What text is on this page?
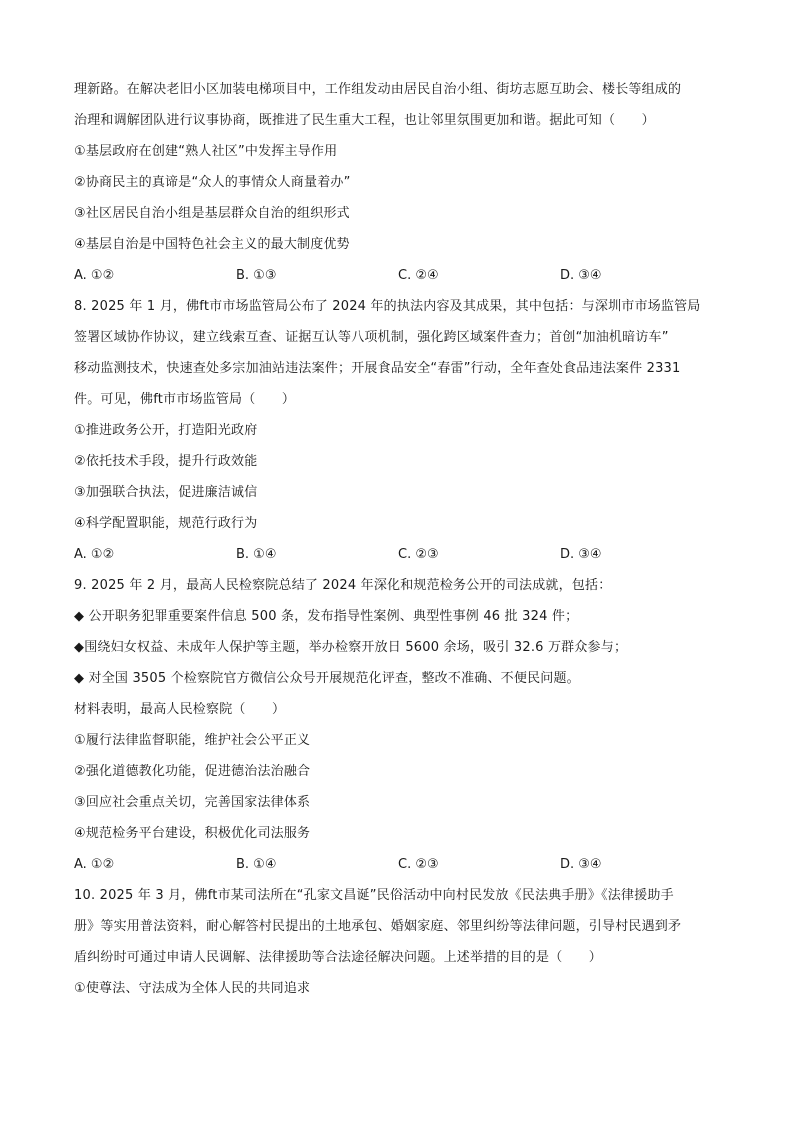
理新路。在解决老旧小区加装电梯项目中，工作组发动由居民自治小组、街坊志愿互助会、楼长等组成的
治理和调解团队进行议事协商，既推进了民生重大工程，也让邻里氛围更加和谐。据此可知（　　）
①基层政府在创建“熟人社区”中发挥主导作用
②协商民主的真谛是“众人的事情众人商量着办”
③社区居民自治小组是基层群众自治的组织形式
④基层自治是中国特色社会主义的最大制度优势
A. ①②	B. ①③	C. ②④	D. ③④
8. 2025 年 1 月，佛ft市市场监管局公布了 2024 年的执法内容及其成果，其中包括：与深圳市市场监管局
签署区域协作协议，建立线索互查、证据互认等八项机制，强化跨区域案件查力；首创“加油机暗访车”
移动监测技术，快速查处多宗加油站违法案件；开展食品安全“春雷”行动，全年查处食品违法案件 2331
件。可见，佛ft市市场监管局（　　）
①推进政务公开，打造阳光政府
②依托技术手段，提升行政效能
③加强联合执法，促进廉洁诚信
④科学配置职能，规范行政行为
A. ①②	B. ①④	C. ②③	D. ③④
9. 2025 年 2 月，最高人民检察院总结了 2024 年深化和规范检务公开的司法成就，包括：
◆ 公开职务犯罪重要案件信息 500 条，发布指导性案例、典型性事例 46 批 324 件；
◆围绕妇女权益、未成年人保护等主题，举办检察开放日 5600 余场，吸引 32.6 万群众参与；
◆ 对全国 3505 个检察院官方微信公众号开展规范化评查，整改不准确、不便民问题。
材料表明，最高人民检察院（　　）
①履行法律监督职能，维护社会公平正义
②强化道德教化功能，促进德治法治融合
③回应社会重点关切，完善国家法律体系
④规范检务平台建设，积极优化司法服务
A. ①②	B. ①④	C. ②③	D. ③④
10. 2025 年 3 月，佛ft市某司法所在“孔家文昌诞”民俗活动中向村民发放《民法典手册》《法律援助手
册》等实用普法资料，耐心解答村民提出的土地承包、婚姻家庭、邻里纠纷等法律问题，引导村民遇到矛
盾纠纷时可通过申请人民调解、法律援助等合法途径解决问题。上述举措的目的是（　　）
①使尊法、守法成为全体人民的共同追求
